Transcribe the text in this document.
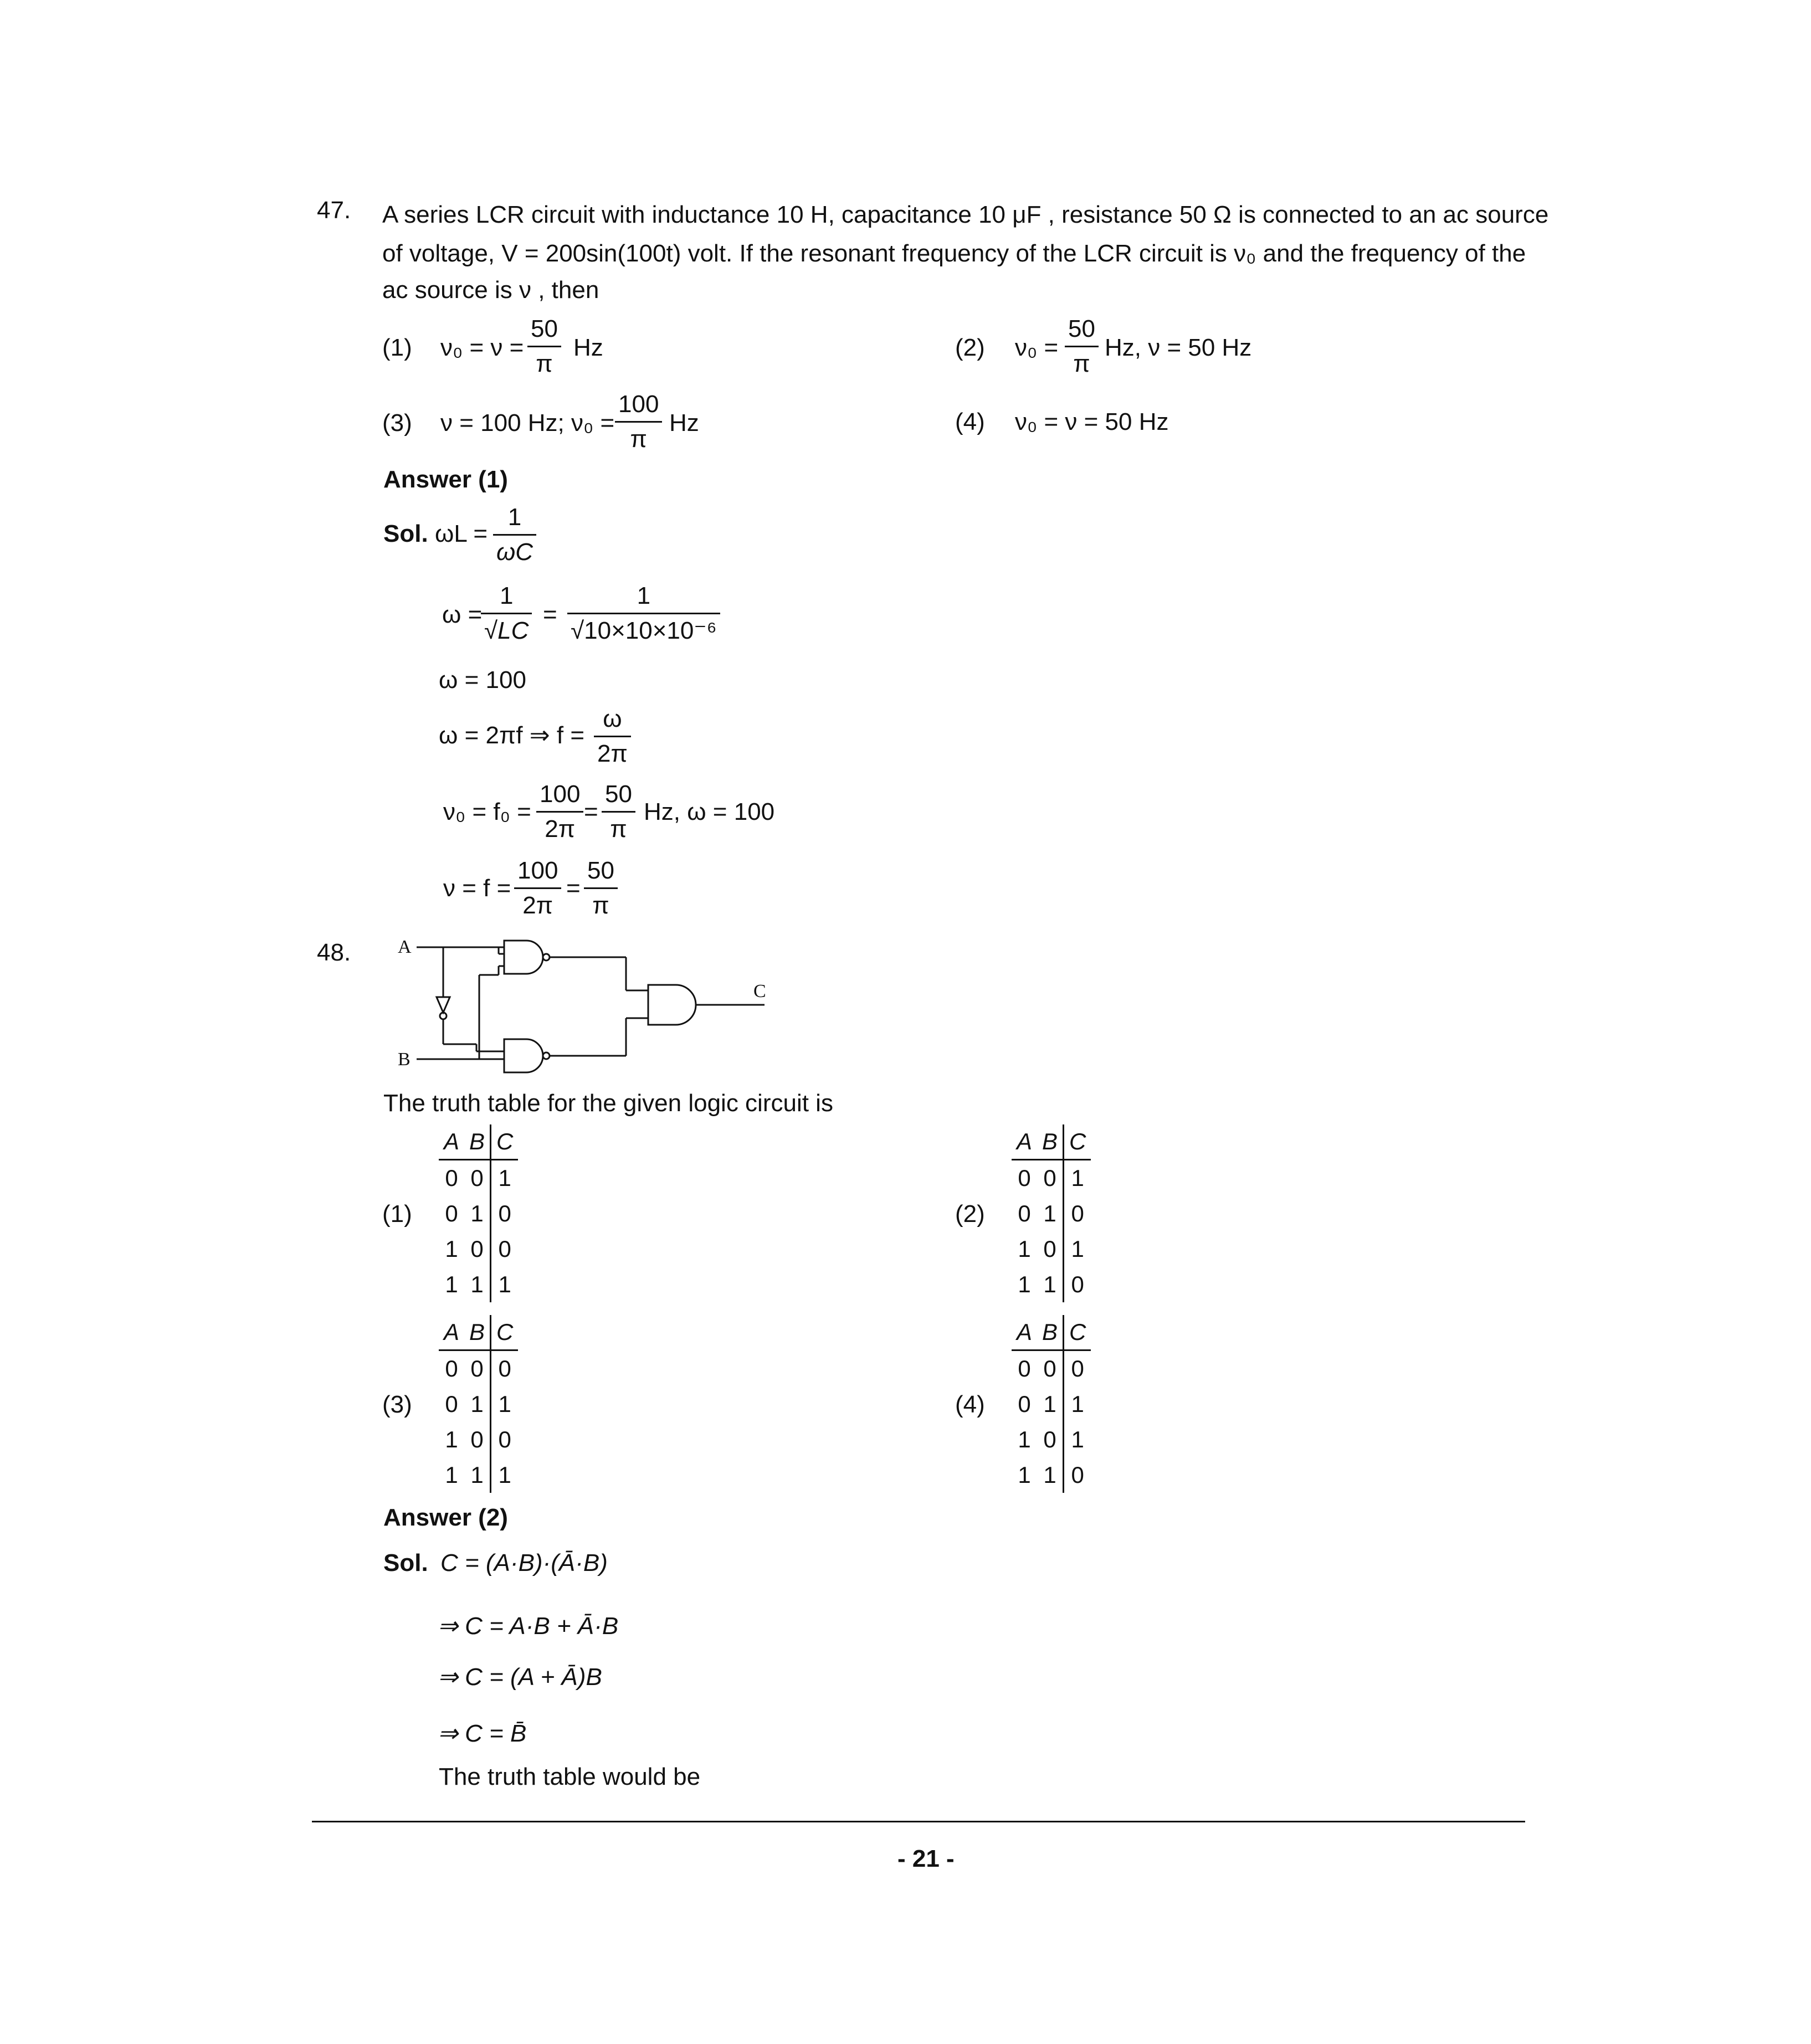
47. A series LCR circuit with inductance 10 H, capacitance 10 μF , resistance 50 Ω is connected to an ac source
of voltage, V = 200sin(100t) volt. If the resonant frequency of the LCR circuit is ν₀ and the frequency of the
ac source is ν , then
(1) $\nu_0 = \nu = \frac{50}{\pi}$ Hz	(2) $\nu_0 = \frac{50}{\pi} Hz$, ν = 50 Hz
(3) ν = 100 Hz; $\nu_0 = \frac{100}{\pi}$ Hz	(4) ν₀ = ν = 50 Hz
Answer (1)
Sol. $\omega L = \frac{1}{\omega C}$
ω =
$\frac{1}{√LC} = \frac{1}{\text{√10×10×10⁻⁶}}$
ω = 100
ω = 2πf ⇒ $f = \frac{\omega}{2\pi}$
$\nu_0 = f_0 = \frac{100}{2\pi} = \frac{50}{\pi} Hz$, ω = 100
$\nu = f = \frac{100}{2\pi} = \frac{50}{\pi}$
48. A
B
C
The truth table for the given logic circuit is
(1)	(2)
(3)	(4)
A	B	C
0	0	1
0	1	0
1	0	0
1	1	1
A	B	C
0	0	1
0	1	0
1	0	1
1	1	0
A	B	C
0	0	0
0	1	1
1	0	0
1	1	1
A	B	C
0	0	0
0	1	1
1	0	1
1	1	0
Answer (2)
Sol. C = (A·B)·(Ā·B)
⇒ C = A·B + Ā·B
⇒ C = (A + Ā)B
⇒ C = B̄
The truth table would be
- 21 -
